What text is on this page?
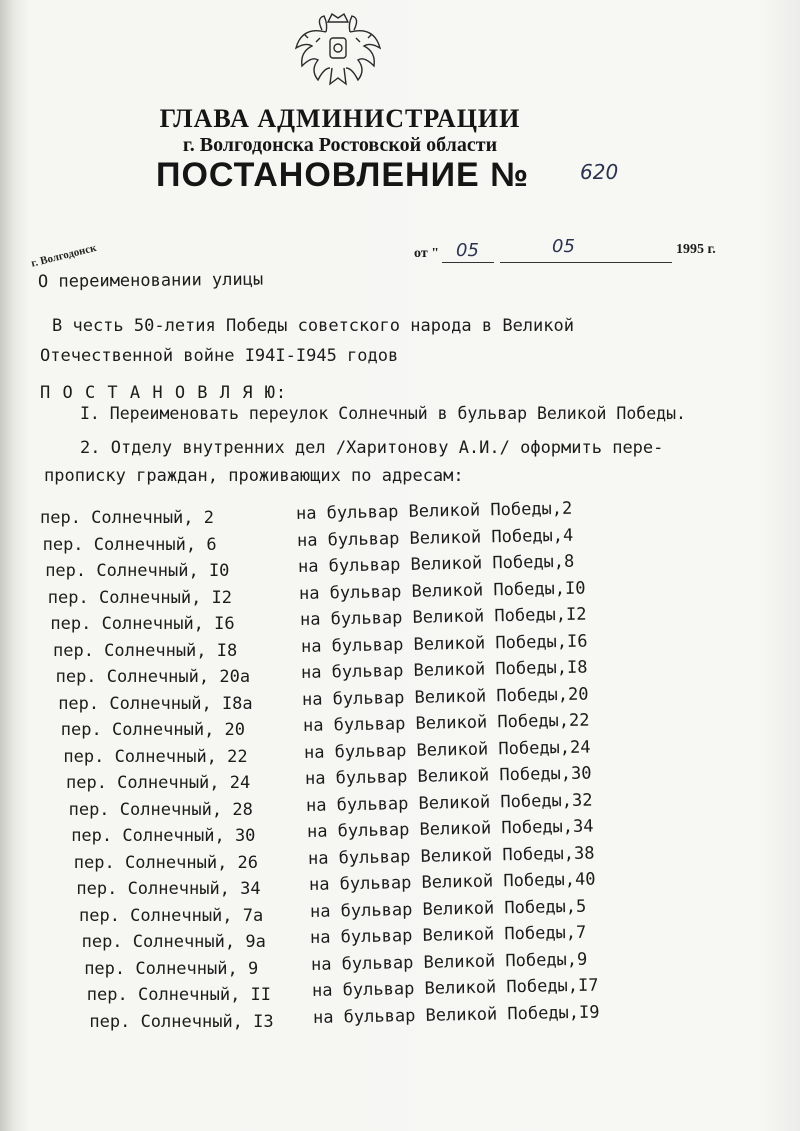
ГЛАВА АДМИНИСТРАЦИИ
г. Волгодонска Ростовской области
ПОСТАНОВЛЕНИЕ №	620
г. Волгодонск	от " 05	05	1995 г.
О переименовании улицы
В честь 50-летия Победы советского народа в Великой
Отечественной войне I94I-I945 годов
П О С Т А Н О В Л Я Ю:
I. Переименовать переулок Солнечный в бульвар Великой Победы.
2. Отделу внутренних дел /Харитонову А.И./ оформить пере-
прописку граждан, проживающих по адресам:
пер. Солнечный, 2	на бульвар Великой Победы,2
пер. Солнечный, 6	на бульвар Великой Победы,4
пер. Солнечный, I0	на бульвар Великой Победы,8
пер. Солнечный, I2	на бульвар Великой Победы,I0
пер. Солнечный, I6	на бульвар Великой Победы,I2
пер. Солнечный, I8	на бульвар Великой Победы,I6
пер. Солнечный, 20а	на бульвар Великой Победы,I8
пер. Солнечный, I8а	на бульвар Великой Победы,20
пер. Солнечный, 20	на бульвар Великой Победы,22
пер. Солнечный, 22	на бульвар Великой Победы,24
пер. Солнечный, 24	на бульвар Великой Победы,30
пер. Солнечный, 28	на бульвар Великой Победы,32
пер. Солнечный, 30	на бульвар Великой Победы,34
пер. Солнечный, 26	на бульвар Великой Победы,38
пер. Солнечный, 34	на бульвар Великой Победы,40
пер. Солнечный, 7а	на бульвар Великой Победы,5
пер. Солнечный, 9а	на бульвар Великой Победы,7
пер. Солнечный, 9	на бульвар Великой Победы,9
пер. Солнечный, II на бульвар Великой Победы,I7
пер. Солнечный, I3 на бульвар Великой Победы,I9
